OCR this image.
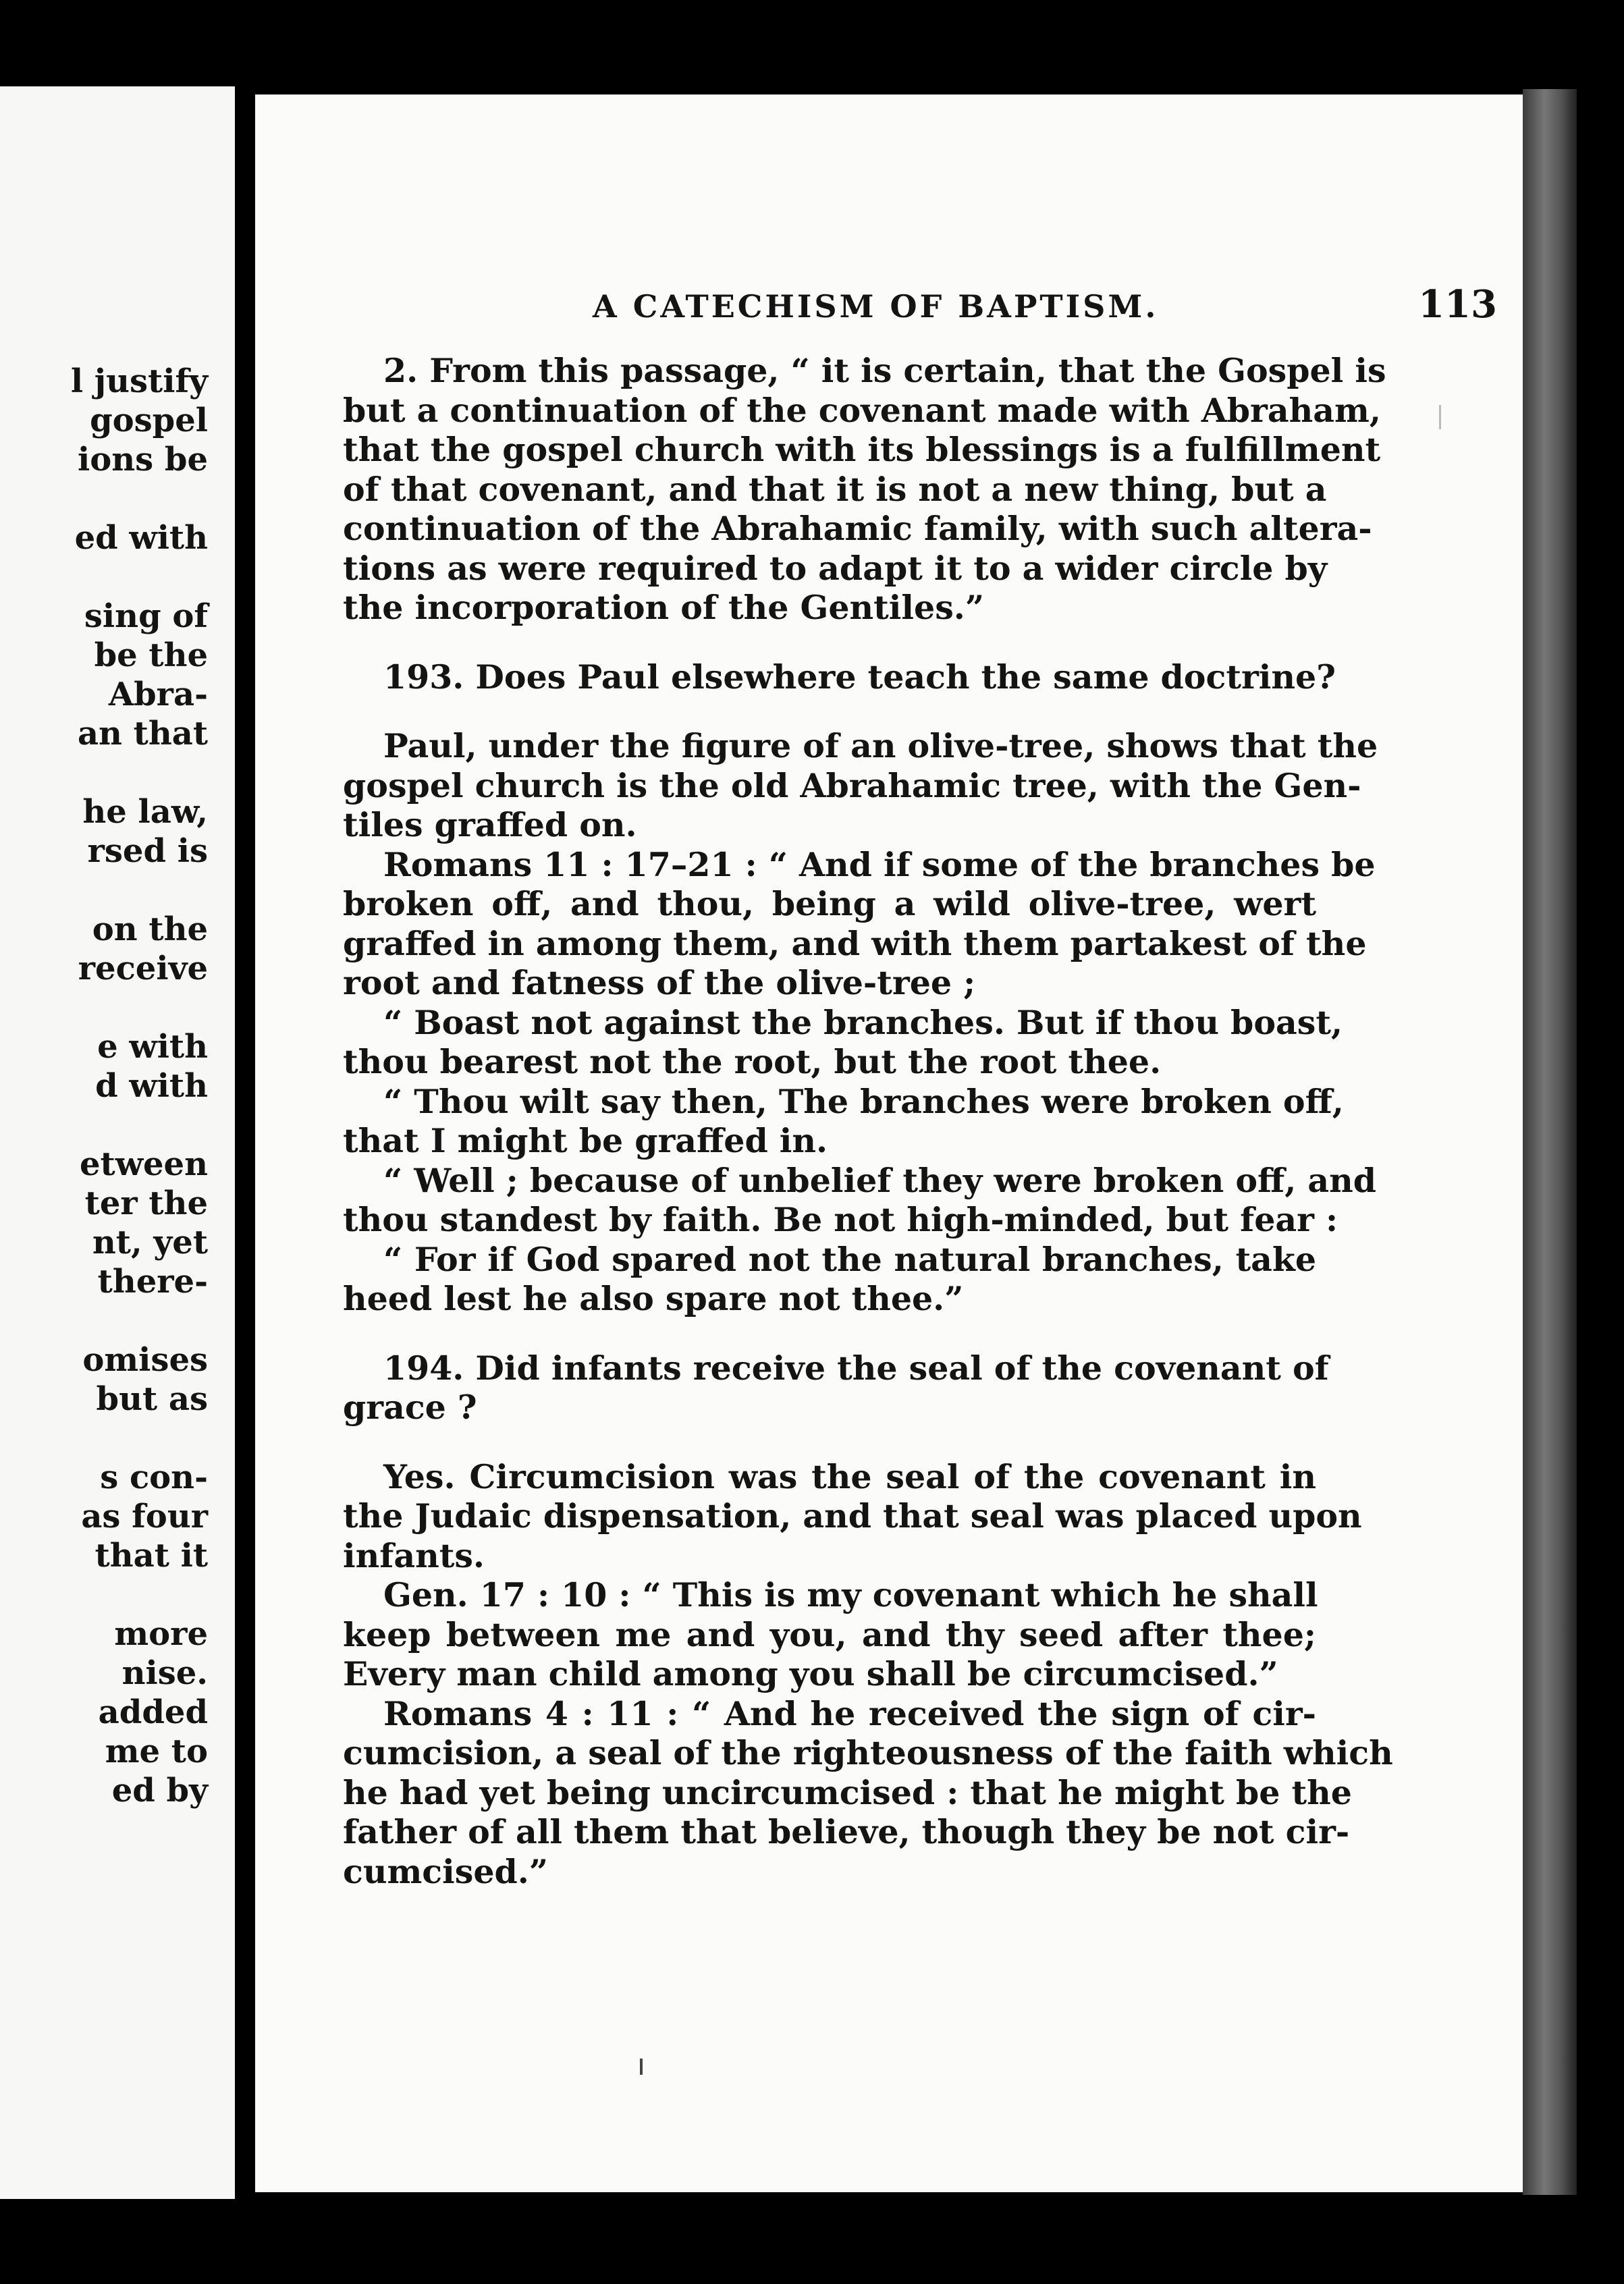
l justify
gospel
ions be
ed with
sing of
be the
Abra-
an that
he law,
rsed is
on the
receive
e with
d with
etween
ter the
nt, yet
there-
omises
but as
s con-
as four
that it
more
nise.
added
me to
ed by
A CATECHISM OF BAPTISM.	113
2. From this passage, “ it is certain, that the Gospel is
but a continuation of the covenant made with Abraham,
that the gospel church with its blessings is a fulfillment
of that covenant, and that it is not a new thing, but a
continuation of the Abrahamic family, with such altera-
tions as were required to adapt it to a wider circle by
the incorporation of the Gentiles.”
193. Does Paul elsewhere teach the same doctrine?
Paul, under the figure of an olive-tree, shows that the
gospel church is the old Abrahamic tree, with the Gen-
tiles graffed on.
Romans 11 : 17–21 : “ And if some of the branches be
broken off, and thou, being a wild olive-tree, wert
graffed in among them, and with them partakest of the
root and fatness of the olive-tree ;
“ Boast not against the branches. But if thou boast,
thou bearest not the root, but the root thee.
“ Thou wilt say then, The branches were broken off,
that I might be graffed in.
“ Well ; because of unbelief they were broken off, and
thou standest by faith. Be not high-minded, but fear :
“ For if God spared not the natural branches, take
heed lest he also spare not thee.”
194. Did infants receive the seal of the covenant of
grace ?
Yes. Circumcision was the seal of the covenant in
the Judaic dispensation, and that seal was placed upon
infants.
Gen. 17 : 10 : “ This is my covenant which he shall
keep between me and you, and thy seed after thee;
Every man child among you shall be circumcised.”
Romans 4 : 11 : “ And he received the sign of cir-
cumcision, a seal of the righteousness of the faith which
he had yet being uncircumcised : that he might be the
father of all them that believe, though they be not cir-
cumcised.”
